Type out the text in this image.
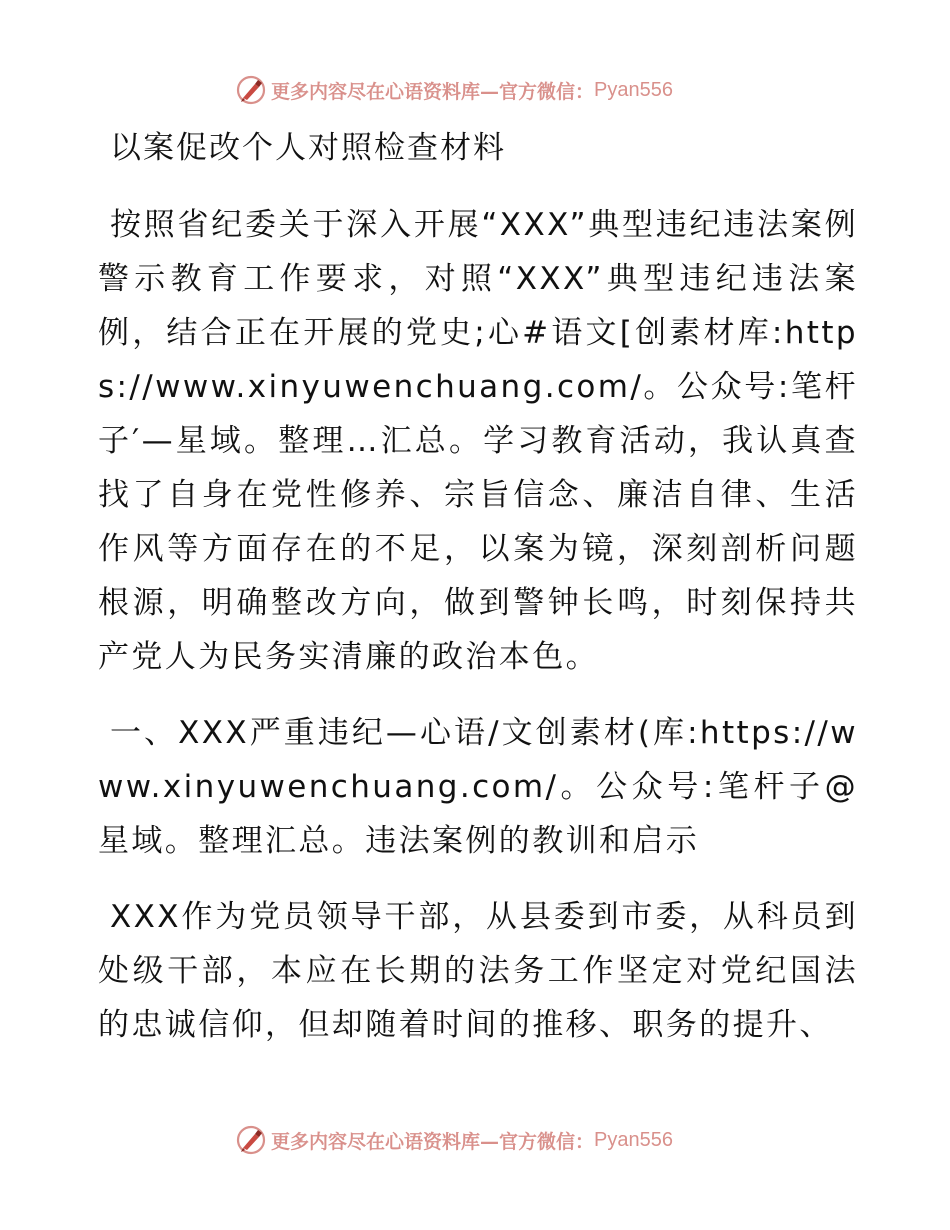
更多内容尽在心语资料库—官方微信： Pyan556
以案促改个人对照检查材料

按照省纪委关于深入开展“XXX”典型违纪违法案例警示教育工作要求，对照“XXX”典型违纪违法案例，结合正在开展的党史;心#语文[创素材库:https://www.xinyuwenchuang.com/。公众号:笔杆子′—星域。整理…汇总。学习教育活动，我认真查找了自身在党性修养、宗旨信念、廉洁自律、生活作风等方面存在的不足，以案为镜，深刻剖析问题根源，明确整改方向，做到警钟长鸣，时刻保持共产党人为民务实清廉的政治本色。

一、XXX严重违纪—心语/文创素材(库:https://www.xinyuwenchuang.com/。公众号:笔杆子@星域。整理汇总。违法案例的教训和启示

XXX作为党员领导干部，从县委到市委，从科员到处级干部，本应在长期的法务工作坚定对党纪国法的忠诚信仰，但却随着时间的推移、职务的提升、

更多内容尽在心语资料库—官方微信： Pyan556
